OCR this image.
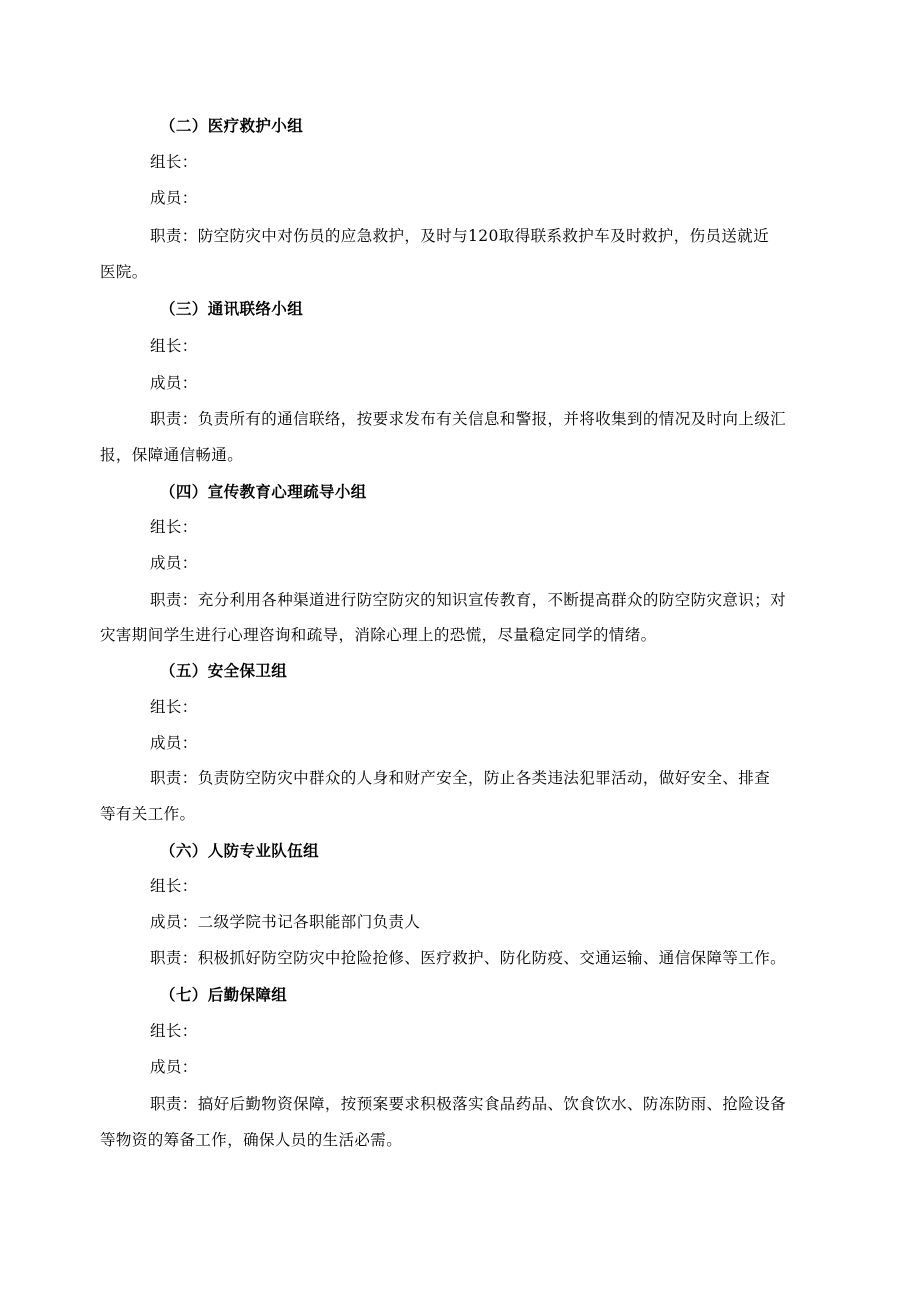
（二）医疗救护小组
组长：
成员：
职责：防空防灾中对伤员的应急救护，及时与120取得联系救护车及时救护，伤员送就近
医院。
（三）通讯联络小组
组长：
成员：
职责：负责所有的通信联络，按要求发布有关信息和警报，并将收集到的情况及时向上级汇
报，保障通信畅通。
（四）宣传教育心理疏导小组
组长：
成员：
职责：充分利用各种渠道进行防空防灾的知识宣传教育，不断提高群众的防空防灾意识；对
灾害期间学生进行心理咨询和疏导，消除心理上的恐慌，尽量稳定同学的情绪。
（五）安全保卫组
组长：
成员：
职责：负责防空防灾中群众的人身和财产安全，防止各类违法犯罪活动，做好安全、排查
等有关工作。
（六）人防专业队伍组
组长：
成员：二级学院书记各职能部门负责人
职责：积极抓好防空防灾中抢险抢修、医疗救护、防化防疫、交通运输、通信保障等工作。
（七）后勤保障组
组长：
成员：
职责：搞好后勤物资保障，按预案要求积极落实食品药品、饮食饮水、防冻防雨、抢险设备
等物资的筹备工作，确保人员的生活必需。
